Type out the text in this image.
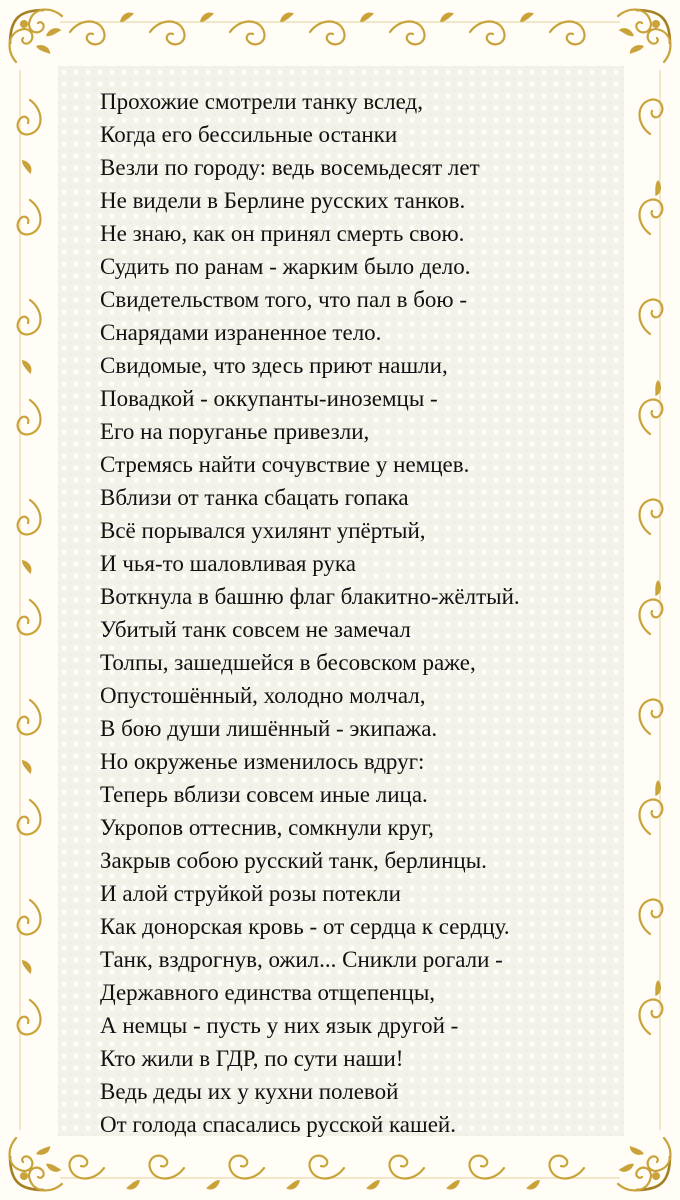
Прохожие смотрели танку вслед,
Когда его бессильные останки
Везли по городу: ведь восемьдесят лет
Не видели в Берлине русских танков.
Не знаю, как он принял смерть свою.
Судить по ранам - жарким было дело.
Свидетельством того, что пал в бою -
Снарядами израненное тело.
Свидомые, что здесь приют нашли,
Повадкой - оккупанты-иноземцы -
Его на поруганье привезли,
Стремясь найти сочувствие у немцев.
Вблизи от танка сбацать гопака
Всё порывался ухилянт упёртый,
И чья-то шаловливая рука
Воткнула в башню флаг блакитно-жёлтый.
Убитый танк совсем не замечал
Толпы, зашедшейся в бесовском раже,
Опустошённый, холодно молчал,
В бою души лишённый - экипажа.
Но окруженье изменилось вдруг:
Теперь вблизи совсем иные лица.
Укропов оттеснив, сомкнули круг,
Закрыв собою русский танк, берлинцы.
И алой струйкой розы потекли
Как донорская кровь - от сердца к сердцу.
Танк, вздрогнув, ожил... Сникли рогали -
Державного единства отщепенцы,
А немцы - пусть у них язык другой -
Кто жили в ГДР, по сути наши!
Ведь деды их у кухни полевой
От голода спасались русской кашей.
